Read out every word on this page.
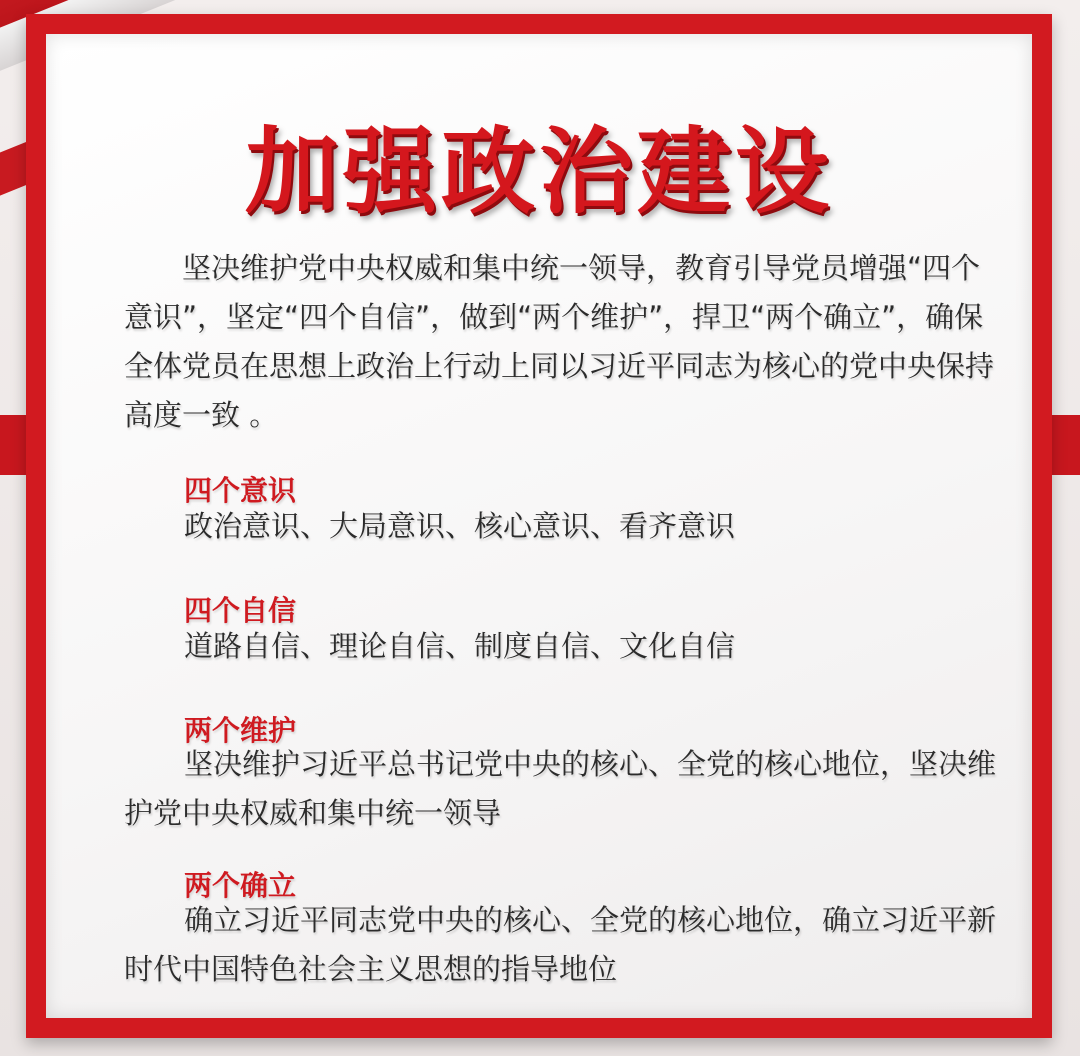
加强政治建设

坚决维护党中央权威和集中统一领导，教育引导党员增强“四个意识”，坚定“四个自信”，做到“两个维护”，捍卫“两个确立”，确保全体党员在思想上政治上行动上同以习近平同志为核心的党中央保持高度一致 。

四个意识

政治意识、大局意识、核心意识、看齐意识

四个自信

道路自信、理论自信、制度自信、文化自信

两个维护

坚决维护习近平总书记党中央的核心、全党的核心地位，坚决维护党中央权威和集中统一领导

两个确立

确立习近平同志党中央的核心、全党的核心地位，确立习近平新时代中国特色社会主义思想的指导地位
